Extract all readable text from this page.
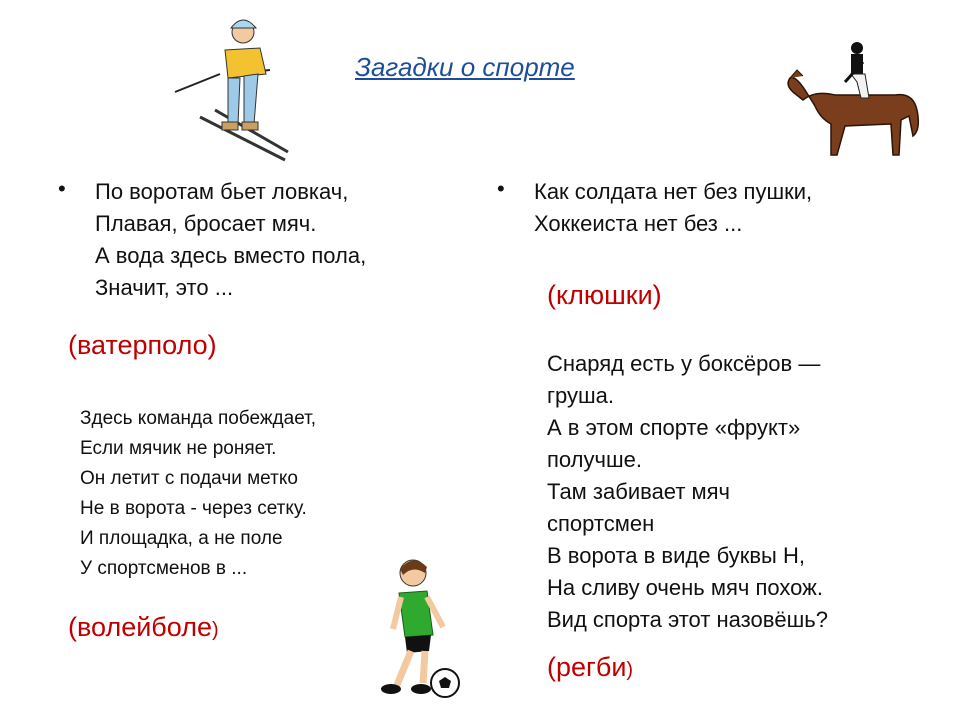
Загадки о спорте
• По воротам бьет ловкач,
Плавая, бросает мяч.
А вода здесь вместо пола,
Значит, это ...
(ватерполо)
Здесь команда побеждает,
Если мячик не роняет.
Он летит с подачи метко
Не в ворота - через сетку.
И площадка, а не поле
У спортсменов в ...
(волейболе)
• Как солдата нет без пушки,
Хоккеиста нет без ...
(клюшки)
Снаряд есть у боксёров —
груша.
А в этом спорте «фрукт»
получше.
Там забивает мяч
спортсмен
В ворота в виде буквы Н,
На сливу очень мяч похож.
Вид спорта этот назовёшь?
(регби)
